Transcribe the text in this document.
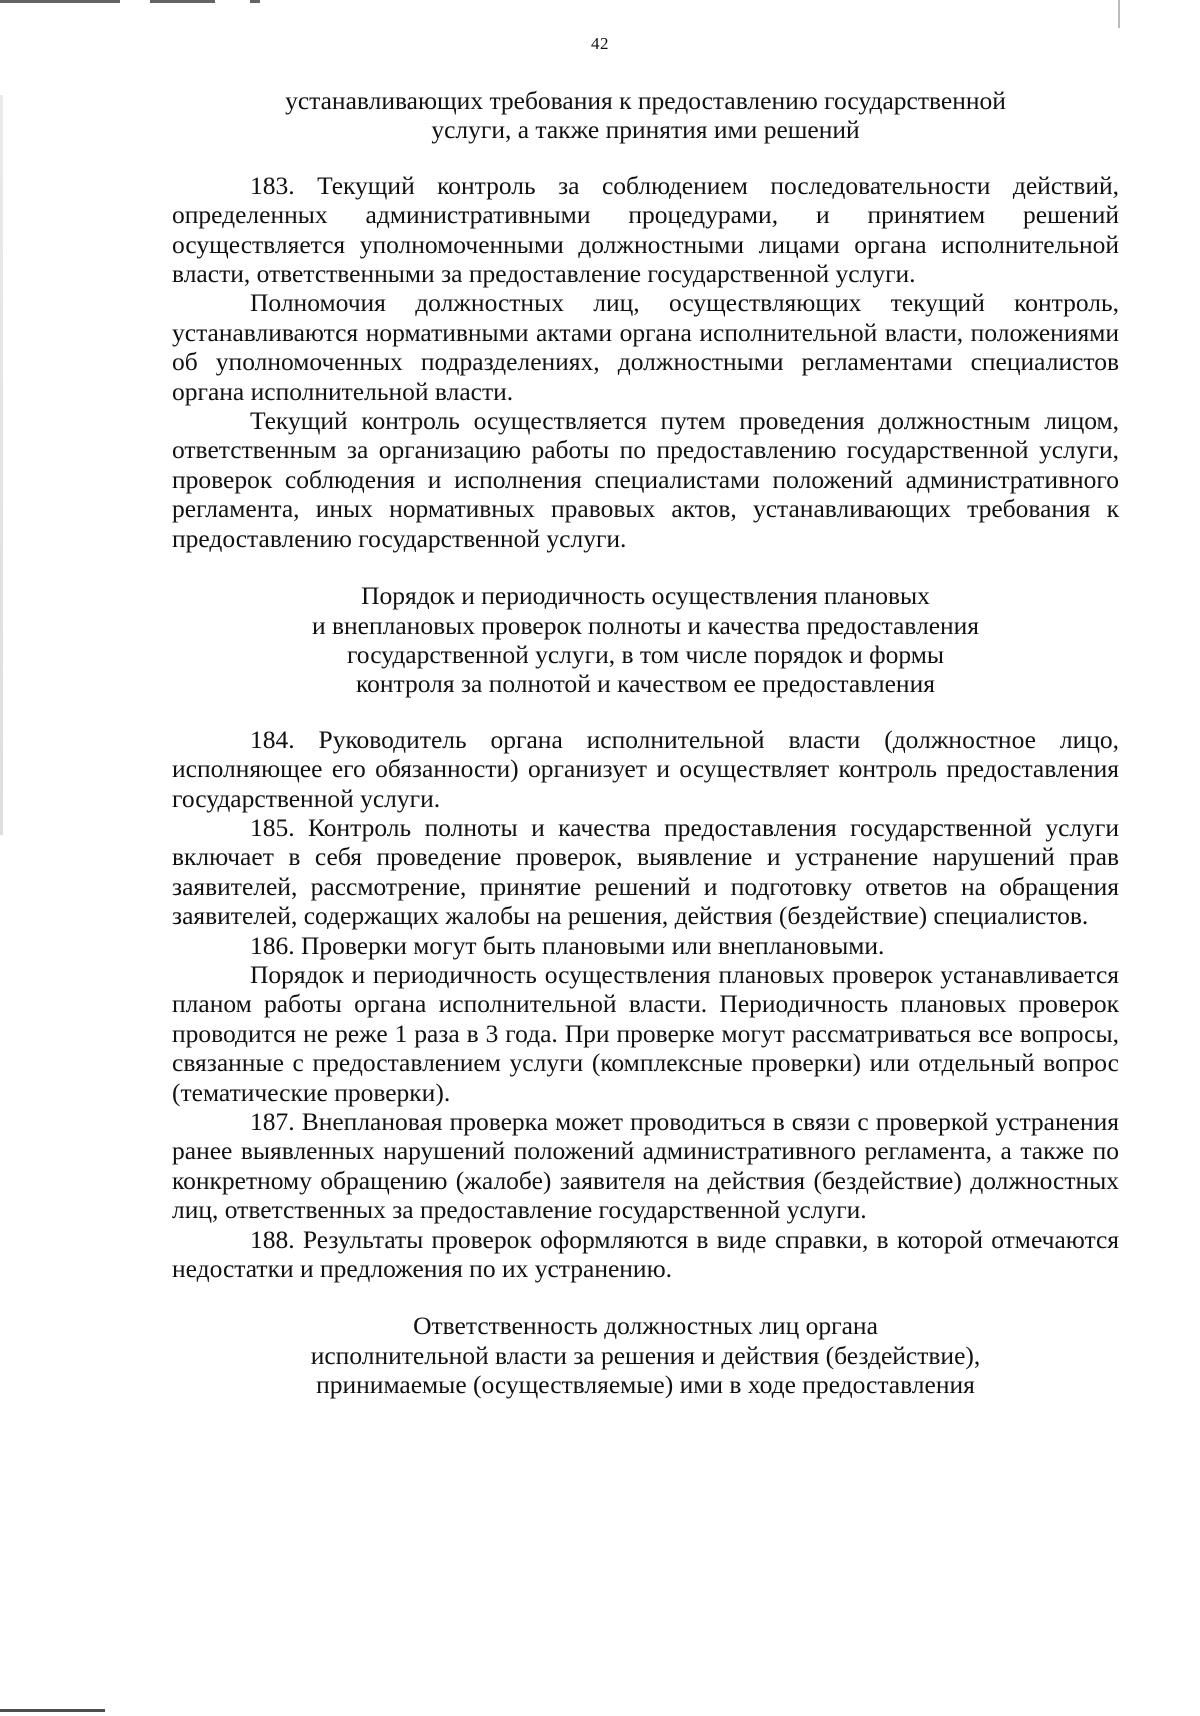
42
устанавливающих требования к предоставлению государственной
услуги, а также принятия ими решений

183. Текущий контроль за соблюдением последовательности действий, определенных административными процедурами, и принятием решений осуществляется уполномоченными должностными лицами органа исполнительной власти, ответственными за предоставление государственной услуги.

Полномочия должностных лиц, осуществляющих текущий контроль, устанавливаются нормативными актами органа исполнительной власти, положениями об уполномоченных подразделениях, должностными регламентами специалистов органа исполнительной власти.

Текущий контроль осуществляется путем проведения должностным лицом, ответственным за организацию работы по предоставлению государственной услуги, проверок соблюдения и исполнения специалистами положений административного регламента, иных нормативных правовых актов, устанавливающих требования к предоставлению государственной услуги.

Порядок и периодичность осуществления плановых
и внеплановых проверок полноты и качества предоставления
государственной услуги, в том числе порядок и формы
контроля за полнотой и качеством ее предоставления

184. Руководитель органа исполнительной власти (должностное лицо, исполняющее его обязанности) организует и осуществляет контроль предоставления государственной услуги.

185. Контроль полноты и качества предоставления государственной услуги включает в себя проведение проверок, выявление и устранение нарушений прав заявителей, рассмотрение, принятие решений и подготовку ответов на обращения заявителей, содержащих жалобы на решения, действия (бездействие) специалистов.

186. Проверки могут быть плановыми или внеплановыми.

Порядок и периодичность осуществления плановых проверок устанавливается планом работы органа исполнительной власти. Периодичность плановых проверок проводится не реже 1 раза в 3 года. При проверке могут рассматриваться все вопросы, связанные с предоставлением услуги (комплексные проверки) или отдельный вопрос (тематические проверки).

187. Внеплановая проверка может проводиться в связи с проверкой устранения ранее выявленных нарушений положений административного регламента, а также по конкретному обращению (жалобе) заявителя на действия (бездействие) должностных лиц, ответственных за предоставление государственной услуги.

188. Результаты проверок оформляются в виде справки, в которой отмечаются недостатки и предложения по их устранению.

Ответственность должностных лиц органа
исполнительной власти за решения и действия (бездействие),
принимаемые (осуществляемые) ими в ходе предоставления
